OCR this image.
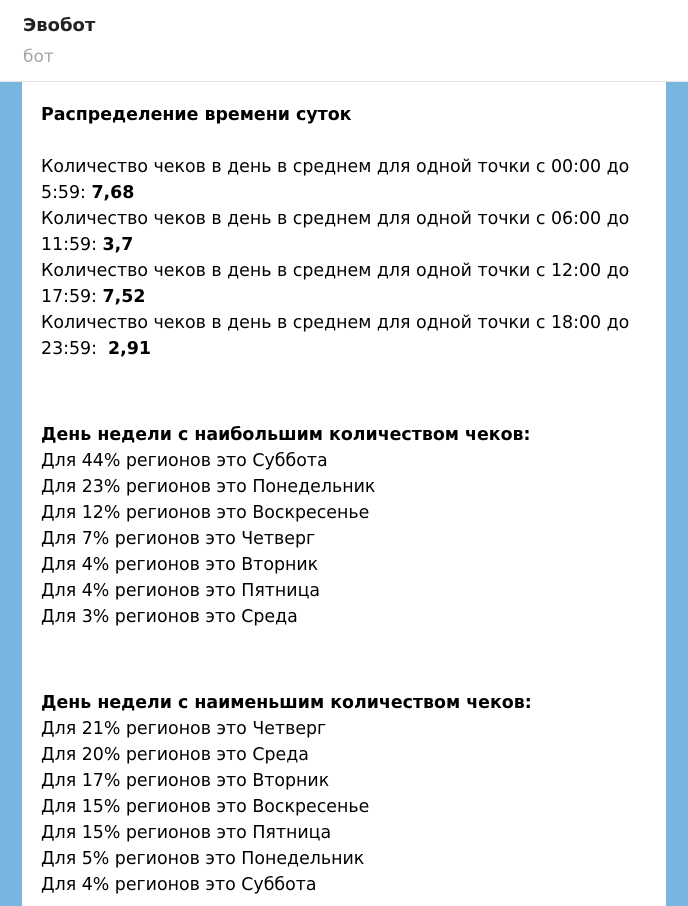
Эвобот
бот
Распределение времени суток
Количество чеков в день в среднем для одной точки с 00:00 до 5:59: 7,68
Количество чеков в день в среднем для одной точки с 06:00 до 11:59: 3,7
Количество чеков в день в среднем для одной точки с 12:00 до 17:59: 7,52
Количество чеков в день в среднем для одной точки с 18:00 до 23:59:  2,91
День недели с наибольшим количеством чеков:
Для 44% регионов это Суббота
Для 23% регионов это Понедельник
Для 12% регионов это Воскресенье
Для 7% регионов это Четверг
Для 4% регионов это Вторник
Для 4% регионов это Пятница
Для 3% регионов это Среда
День недели с наименьшим количеством чеков:
Для 21% регионов это Четверг
Для 20% регионов это Среда
Для 17% регионов это Вторник
Для 15% регионов это Воскресенье
Для 15% регионов это Пятница
Для 5% регионов это Понедельник
Для 4% регионов это Суббота
